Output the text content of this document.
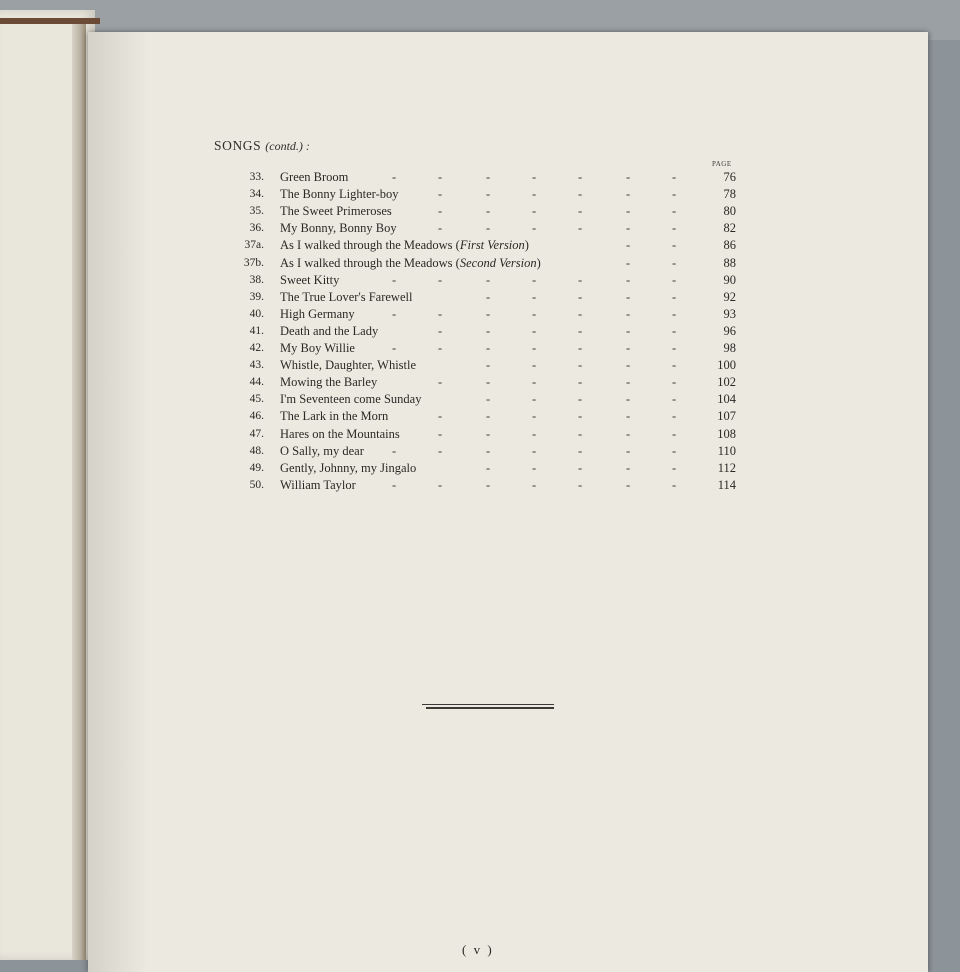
SONGS (contd.) :
PAGE
33. Green Broom	-	-	-	-	-	-	-	76
34. The Bonny Lighter-boy	-	-	-	-	-	-	78
35. The Sweet Primeroses	-	-	-	-	-	-	80
36. My Bonny, Bonny Boy	-	-	-	-	-	-	82
37a. As I walked through the Meadows (First Version)	-	-	86
37b. As I walked through the Meadows (Second Version)	-	-	88
38. Sweet Kitty	-	-	-	-	-	-	-	90
39. The True Lover's Farewell	-	-	-	-	-	92
40. High Germany	-	-	-	-	-	-	-	93
41. Death and the Lady	-	-	-	-	-	-	96
42. My Boy Willie	-	-	-	-	-	-	-	98
43. Whistle, Daughter, Whistle	-	-	-	-	-	100
44. Mowing the Barley	-	-	-	-	-	-	102
45. I'm Seventeen come Sunday	-	-	-	-	-	104
46. The Lark in the Morn	-	-	-	-	-	-	107
47. Hares on the Mountains	-	-	-	-	-	-	108
48. O Sally, my dear -	-	-	-	-	-	-	110
49. Gently, Johnny, my Jingalo	-	-	-	-	-	112
50. William Taylor	-	-	-	-	-	-	-	114
( v )
